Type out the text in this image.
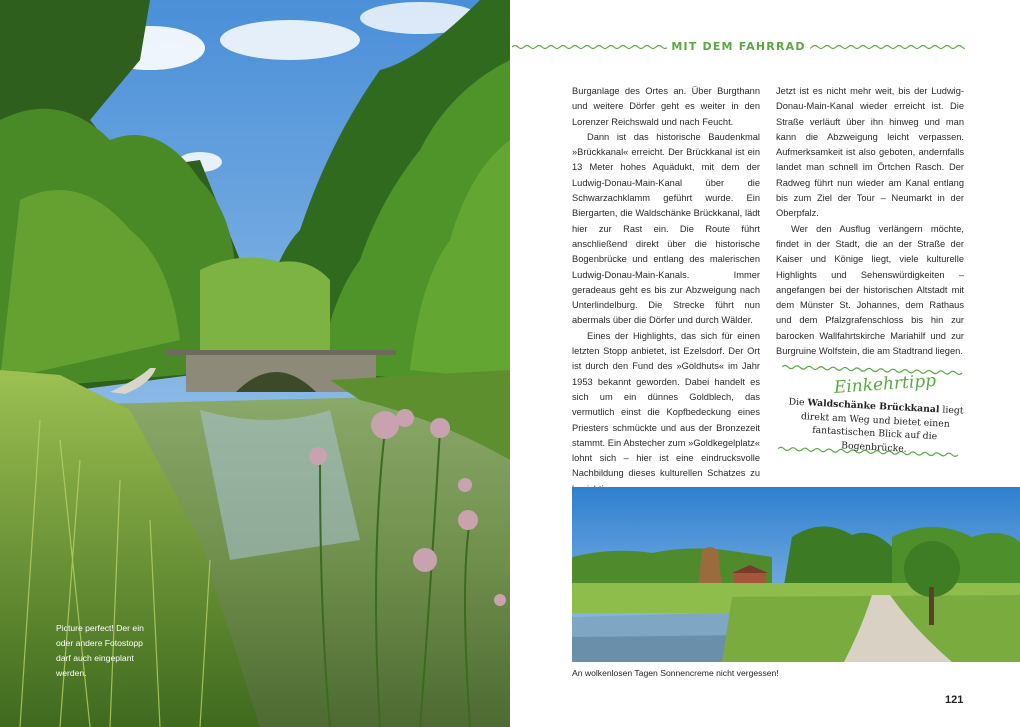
Picture perfect! Der ein oder andere Fotostopp darf auch eingeplant werden.
MIT DEM FAHRRAD

Burganlage des Ortes an. Über Burgthann und weitere Dörfer geht es weiter in den Lorenzer Reichswald und nach Feucht.

Dann ist das historische Baudenkmal »Brückkanal« erreicht. Der Brückkanal ist ein 13 Meter hohes Aquädukt, mit dem der Ludwig-Donau-Main-Kanal über die Schwarzachklamm geführt wurde. Ein Biergarten, die Waldschänke Brückkanal, lädt hier zur Rast ein. Die Route führt anschließend direkt über die historische Bogenbrücke und entlang des malerischen Ludwig-Donau-Main-Kanals. Immer geradeaus geht es bis zur Abzweigung nach Unterlindelburg. Die Strecke führt nun abermals über die Dörfer und durch Wälder.

Eines der Highlights, das sich für einen letzten Stopp anbietet, ist Ezelsdorf. Der Ort ist durch den Fund des »Goldhuts« im Jahr 1953 bekannt geworden. Dabei handelt es sich um ein dünnes Goldblech, das vermutlich einst die Kopfbedeckung eines Priesters schmückte und aus der Bronzezeit stammt. Ein Abstecher zum »Goldkegelplatz« lohnt sich – hier ist eine eindrucksvolle Nachbildung dieses kulturellen Schatzes zu

Jetzt ist es nicht mehr weit, bis der Ludwig-Donau-Main-Kanal wieder erreicht ist. Die Straße verläuft über ihn hinweg und man kann die Abzweigung leicht verpassen. Aufmerksamkeit ist also geboten, andernfalls landet man schnell im Örtchen Rasch. Der Radweg führt nun wieder am Kanal entlang bis zum Ziel der Tour – Neumarkt in der Oberpfalz.

Wer den Ausflug verlängern möchte, findet in der Stadt, die an der Straße der Kaiser und Könige liegt, viele kulturelle Highlights und Sehenswürdigkeiten – angefangen bei der historischen Altstadt mit dem Münster St. Johannes, dem Rathaus und dem Pfalzgrafenschloss bis hin zur barocken Wallfahrtskirche Mariahilf und zur Burgruine Wolfstein, die am Stadtrand liegen.

Einkehrtipp
Die Waldschänke Brückkanal liegt direkt am Weg und bietet einen fantastischen Blick auf die Bogenbrücke.
An wolkenlosen Tagen Sonnencreme nicht vergessen!
121
